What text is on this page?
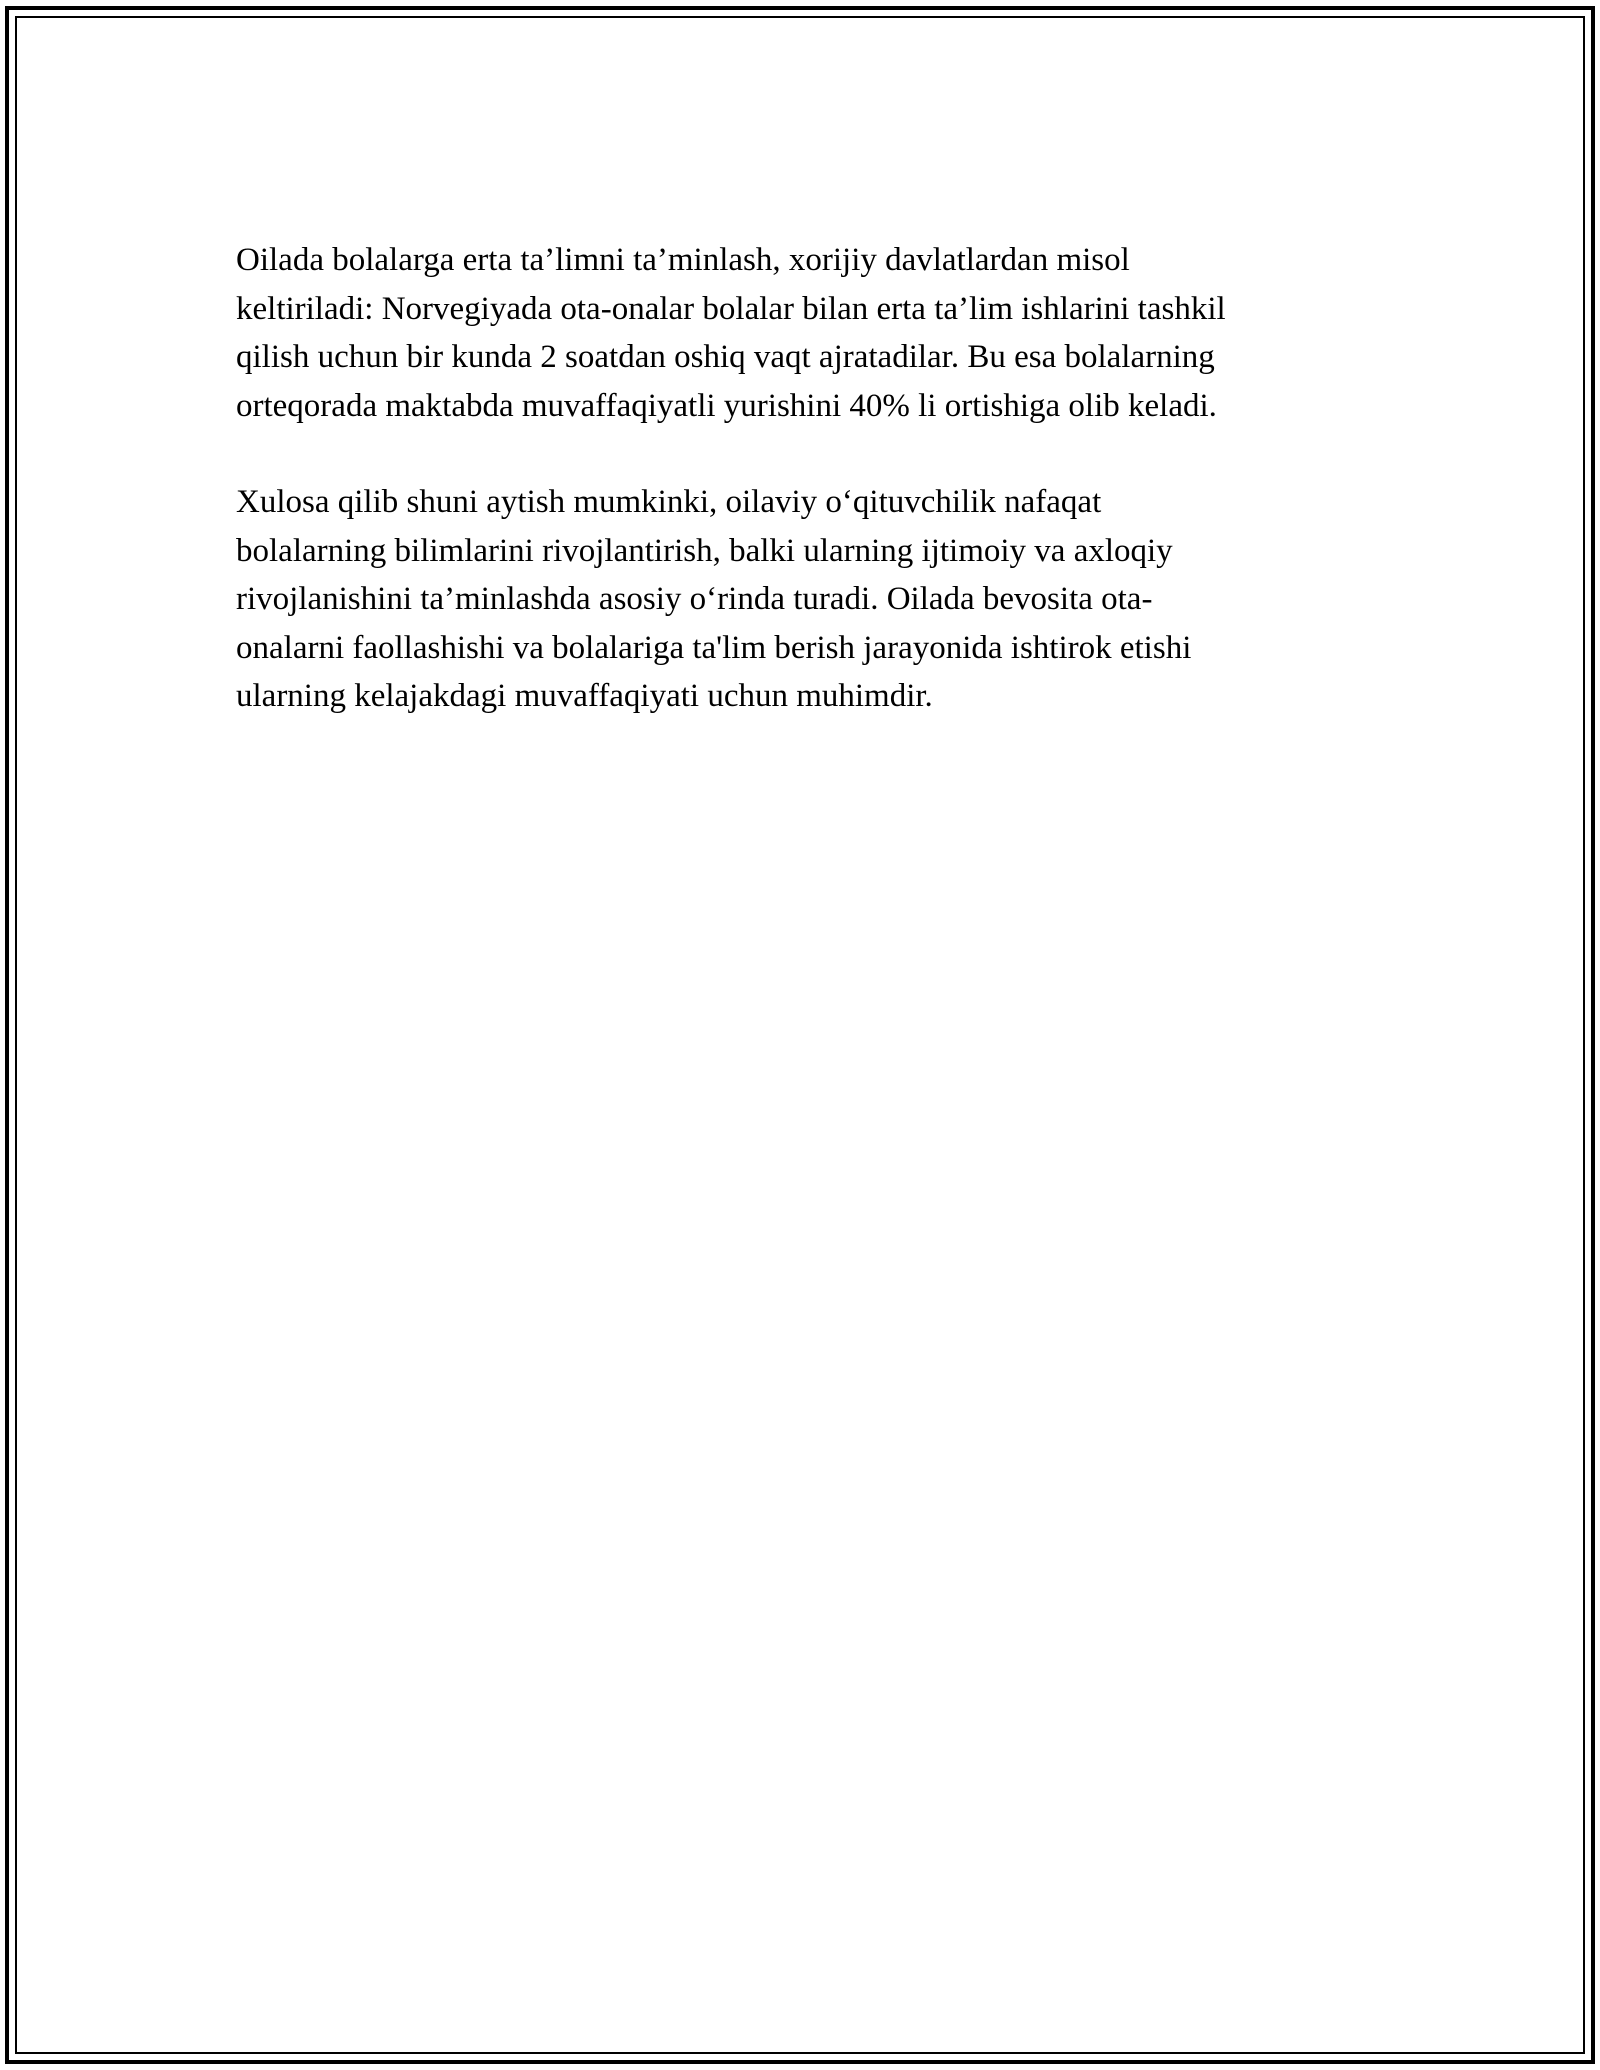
Oilada bolalarga erta ta’limni ta’minlash, xorijiy davlatlardan misol
keltiriladi: Norvegiyada ota-onalar bolalar bilan erta ta’lim ishlarini tashkil
qilish uchun bir kunda 2 soatdan oshiq vaqt ajratadilar. Bu esa bolalarning
orteqorada maktabda muvaffaqiyatli yurishini 40% li ortishiga olib keladi.

Xulosa qilib shuni aytish mumkinki, oilaviy o‘qituvchilik nafaqat
bolalarning bilimlarini rivojlantirish, balki ularning ijtimoiy va axloqiy
rivojlanishini ta’minlashda asosiy o‘rinda turadi. Oilada bevosita ota-
onalarni faollashishi va bolalariga ta'lim berish jarayonida ishtirok etishi
ularning kelajakdagi muvaffaqiyati uchun muhimdir.
